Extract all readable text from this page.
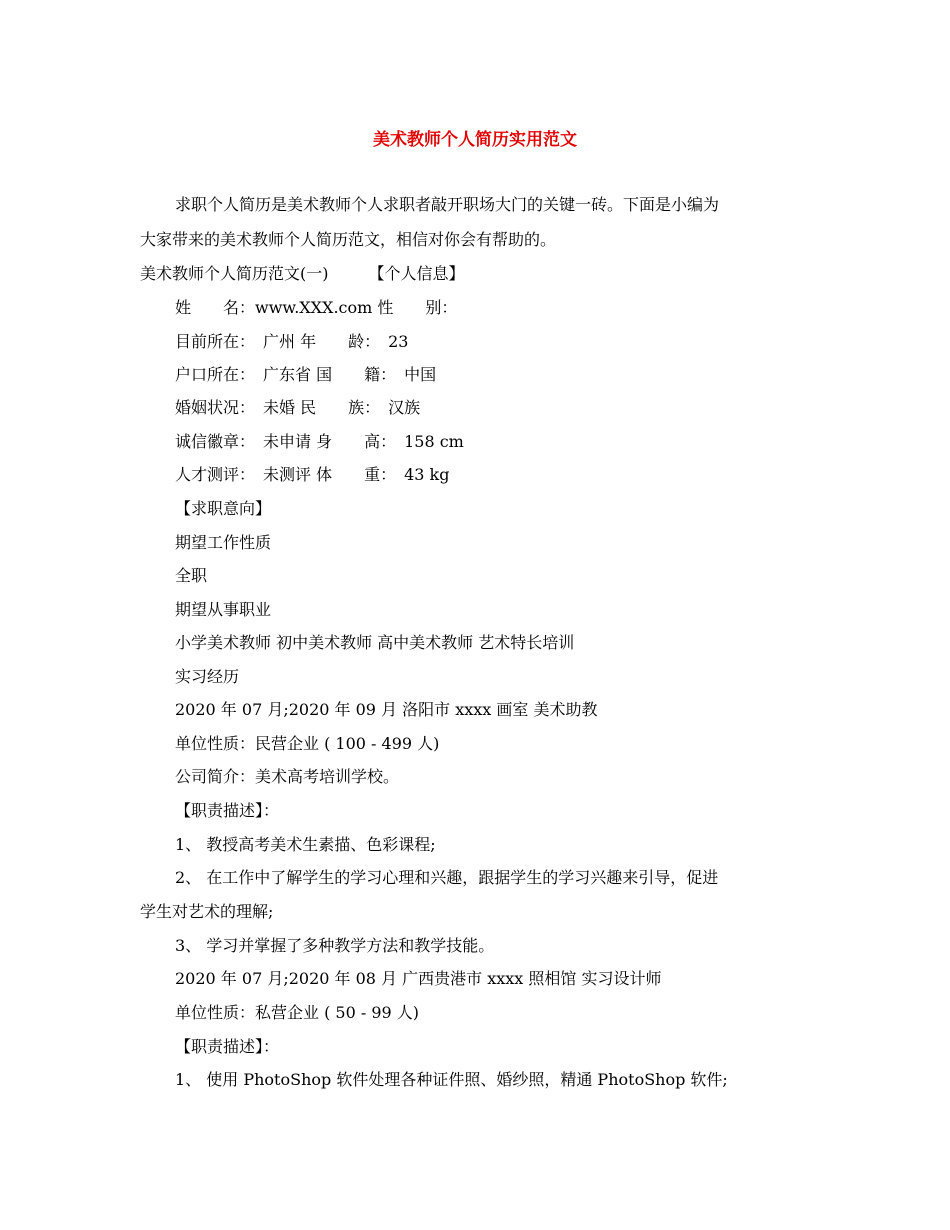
美术教师个人简历实用范文
求职个人简历是美术教师个人求职者敲开职场大门的关键一砖。下面是小编为
大家带来的美术教师个人简历范文，相信对你会有帮助的。
美术教师个人简历范文(一)　　　【个人信息】
姓　　名：www.XXX.com 性　　别：
目前所在：　广州 年　　龄：　23
户口所在：　广东省 国　　籍：　中国
婚姻状况：　未婚 民　　族：　汉族
诚信徽章：　未申请 身　　高：　158 cm
人才测评：　未测评 体　　重：　43 kg
【求职意向】
期望工作性质
全职
期望从事职业
小学美术教师 初中美术教师 高中美术教师 艺术特长培训
实习经历
2020 年 07 月;2020 年 09 月 洛阳市 xxxx 画室 美术助教
单位性质：民营企业 ( 100 - 499 人)
公司简介：美术高考培训学校。
【职责描述】：
1、 教授高考美术生素描、色彩课程;
2、 在工作中了解学生的学习心理和兴趣，跟据学生的学习兴趣来引导，促进
学生对艺术的理解;
3、 学习并掌握了多种教学方法和教学技能。
2020 年 07 月;2020 年 08 月 广西贵港市 xxxx 照相馆 实习设计师
单位性质：私营企业 ( 50 - 99 人)
【职责描述】：
1、 使用 PhotoShop 软件处理各种证件照、婚纱照，精通 PhotoShop 软件;
